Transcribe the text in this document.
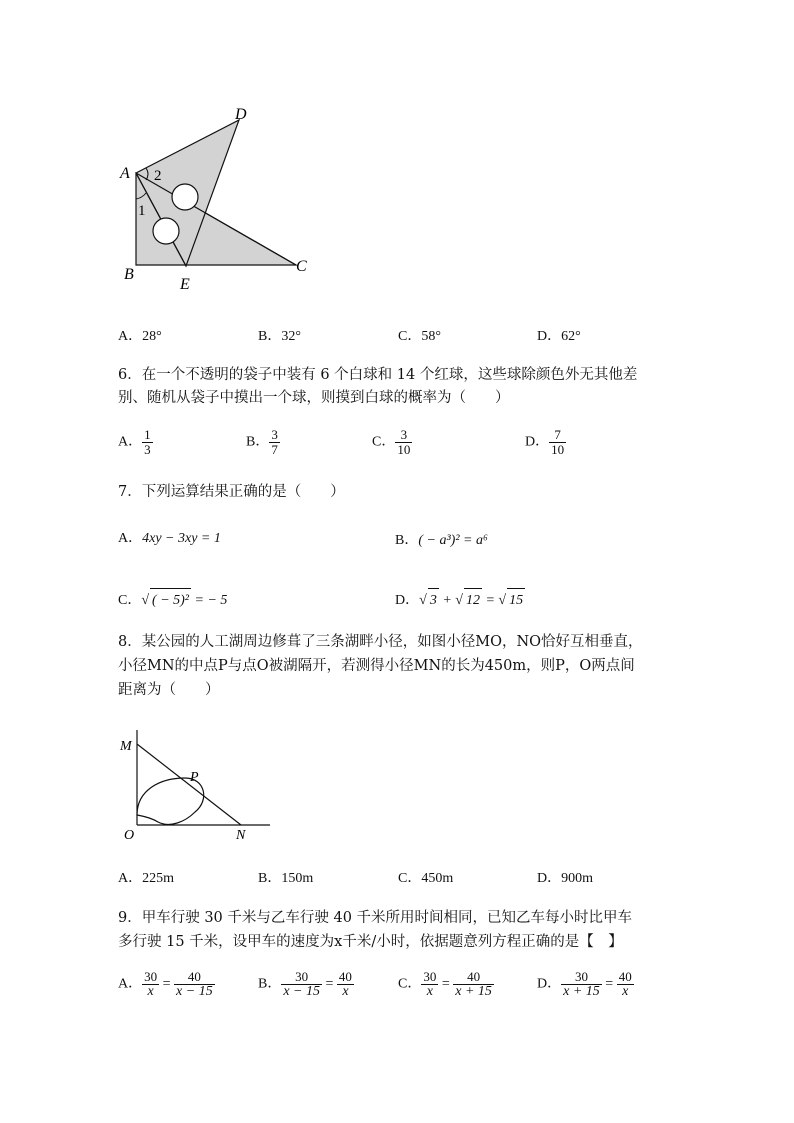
D
A 2
1
B	C
E
A．28°	B．32°	C．58°	D．62°
6．在一个不透明的袋子中装有 6 个白球和 14 个红球，这些球除颜色外无其他差
别、随机从袋子中摸出一个球，则摸到白球的概率为（　　）
A． $\frac{1}{3}$	B． $\frac{3}{7}$	C． $\frac{3}{10}$	D． $\frac{7}{10}$
7．下列运算结果正确的是（　　）
A．4xy − 3xy = 1	B．( − a³)² = a⁶
C．√ ( − 5)² = − 5	D．√ 3 + √ 12 = √ 15
8．某公园的人工湖周边修葺了三条湖畔小径，如图小径MO，NO恰好互相垂直，
小径MN的中点P与点O被湖隔开，若测得小径MN的长为450m，则P，O两点间
距离为（　　）
M
P
O	N
A．225m	B．150m	C．450m	D．900m
9．甲车行驶 30 千米与乙车行驶 40 千米所用时间相同，已知乙车每小时比甲车
多行驶 15 千米，设甲车的速度为x千米/小时，依据题意列方程正确的是【　】
A． $\frac{30}{x} = \frac{40}{x - 15}$	B． $\frac{30}{x - 15} = \frac{40}{x}$	C． $\frac{30}{x} = \frac{40}{x + 15}$	D． $\frac{30}{x + 15} = \frac{40}{x}$
